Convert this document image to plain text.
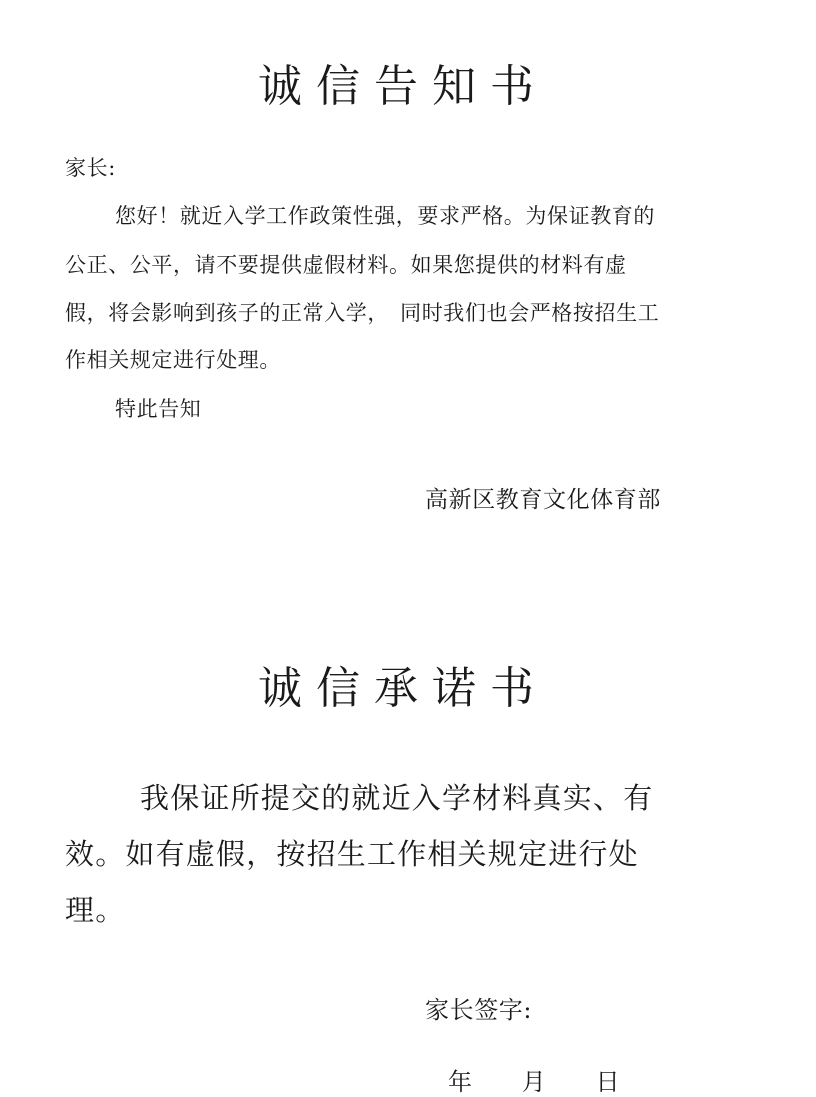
诚信告知书
家长:
您好！就近入学工作政策性强，要求严格。为保证教育的
公正、公平，请不要提供虚假材料。如果您提供的材料有虚
假，将会影响到孩子的正常入学，　同时我们也会严格按招生工
作相关规定进行处理。
特此告知
高新区教育文化体育部
诚信承诺书
我保证所提交的就近入学材料真实、有
效。如有虚假，按招生工作相关规定进行处
理。
家长签字:
年　　月　　日
